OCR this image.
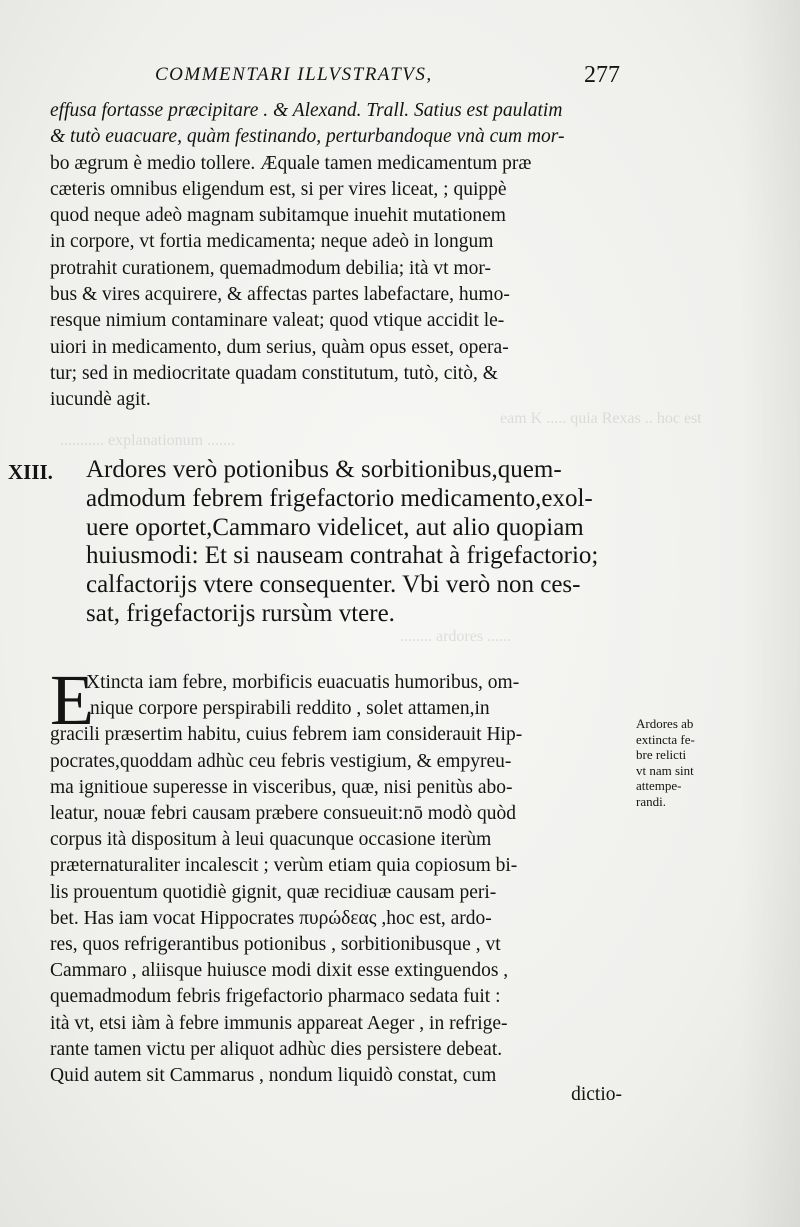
eam K ..... quia Rexas .. hoc est
........... explanationum .......
........ ardores ......
COMMENTARI ILLVSTRATVS,	277
effusa fortasse præcipitare . & Alexand. Trall. Satius est paulatim
& tutò euacuare, quàm festinando, perturbandoque vnà cum mor-
bo ægrum è medio tollere. Æquale tamen medicamentum præ
cæteris omnibus eligendum est, si per vires liceat, ; quippè
quod neque adeò magnam subitamque inuehit mutationem
in corpore, vt fortia medicamenta; neque adeò in longum
protrahit curationem, quemadmodum debilia; ità vt mor-
bus & vires acquirere, & affectas partes labefactare, humo-
resque nimium contaminare valeat; quod vtique accidit le-
uiori in medicamento, dum serius, quàm opus esset, opera-
tur; sed in mediocritate quadam constitutum, tutò, citò, &
iucundè agit.
XIII. Ardores verò potionibus & sorbitionibus,quem-
admodum febrem frigefactorio medicamento,exol-
uere oportet,Cammaro videlicet, aut alio quopiam
huiusmodi: Et si nauseam contrahat à frigefactorio;
calfactorijs vtere consequenter. Vbi verò non ces-
sat, frigefactorijs rursùm vtere.
E
Xtincta iam febre, morbificis euacuatis humoribus, om-
nique corpore perspirabili reddito , solet attamen,in
gracili præsertim habitu, cuius febrem iam considerauit Hip-
pocrates,quoddam adhùc ceu febris vestigium, & empyreu-
ma ignitioue superesse in visceribus, quæ, nisi penitùs abo-
leatur, nouæ febri causam præbere consueuit:nō modò quòd
corpus ità dispositum à leui quacunque occasione iterùm
præternaturaliter incalescit ; verùm etiam quia copiosum bi-
lis prouentum quotidiè gignit, quæ recidiuæ causam peri-
bet. Has iam vocat Hippocrates πυρώδεας ,hoc est, ardo-
res, quos refrigerantibus potionibus , sorbitionibusque , vt
Cammaro , aliisque huiusce modi dixit esse extinguendos ,
quemadmodum febris frigefactorio pharmaco sedata fuit :
ità vt, etsi iàm à febre immunis appareat Aeger , in refrige-
rante tamen victu per aliquot adhùc dies persistere debeat.
Quid autem sit Cammarus , nondum liquidò constat, cum
dictio-
Ardores ab
extincta fe-
bre relicti
vt nam sint
attempe-
randi.
